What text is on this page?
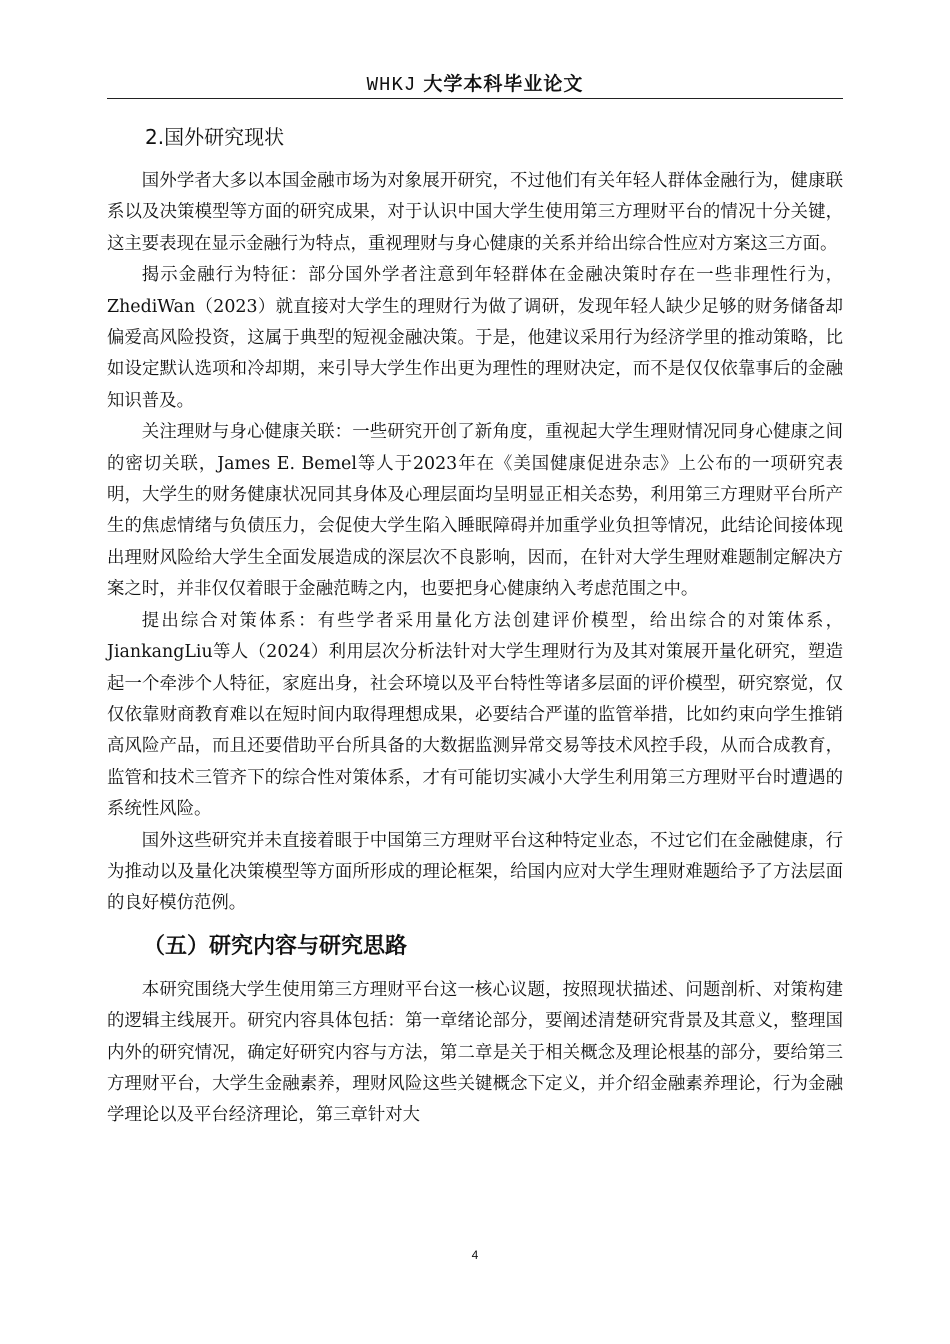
WHKJ 大学本科毕业论文
2.国外研究现状

国外学者大多以本国金融市场为对象展开研究，不过他们有关年轻人群体金融行为，健康联系以及决策模型等方面的研究成果，对于认识中国大学生使用第三方理财平台的情况十分关键，这主要表现在显示金融行为特点，重视理财与身心健康的关系并给出综合性应对方案这三方面。

揭示金融行为特征：部分国外学者注意到年轻群体在金融决策时存在一些非理性行为，ZhediWan（2023）就直接对大学生的理财行为做了调研，发现年轻人缺少足够的财务储备却偏爱高风险投资，这属于典型的短视金融决策。于是，他建议采用行为经济学里的推动策略，比如设定默认选项和冷却期，来引导大学生作出更为理性的理财决定，而不是仅仅依靠事后的金融知识普及。

关注理财与身心健康关联：一些研究开创了新角度，重视起大学生理财情况同身心健康之间的密切关联，James E. Bemel等人于2023年在《美国健康促进杂志》上公布的一项研究表明，大学生的财务健康状况同其身体及心理层面均呈明显正相关态势，利用第三方理财平台所产生的焦虑情绪与负债压力，会促使大学生陷入睡眠障碍并加重学业负担等情况，此结论间接体现出理财风险给大学生全面发展造成的深层次不良影响，因而，在针对大学生理财难题制定解决方案之时，并非仅仅着眼于金融范畴之内，也要把身心健康纳入考虑范围之中。

提出综合对策体系：有些学者采用量化方法创建评价模型，给出综合的对策体系，JiankangLiu等人（2024）利用层次分析法针对大学生理财行为及其对策展开量化研究，塑造起一个牵涉个人特征，家庭出身，社会环境以及平台特性等诸多层面的评价模型，研究察觉，仅仅依靠财商教育难以在短时间内取得理想成果，必要结合严谨的监管举措，比如约束向学生推销高风险产品，而且还要借助平台所具备的大数据监测异常交易等技术风控手段，从而合成教育，监管和技术三管齐下的综合性对策体系，才有可能切实减小大学生利用第三方理财平台时遭遇的系统性风险。

国外这些研究并未直接着眼于中国第三方理财平台这种特定业态，不过它们在金融健康，行为推动以及量化决策模型等方面所形成的理论框架，给国内应对大学生理财难题给予了方法层面的良好模仿范例。

（五）研究内容与研究思路

本研究围绕大学生使用第三方理财平台这一核心议题，按照现状描述、问题剖析、对策构建的逻辑主线展开。研究内容具体包括：第一章绪论部分，要阐述清楚研究背景及其意义，整理国内外的研究情况，确定好研究内容与方法，第二章是关于相关概念及理论根基的部分，要给第三方理财平台，大学生金融素养，理财风险这些关键概念下定义，并介绍金融素养理论，行为金融学理论以及平台经济理论，第三章针对大

4
